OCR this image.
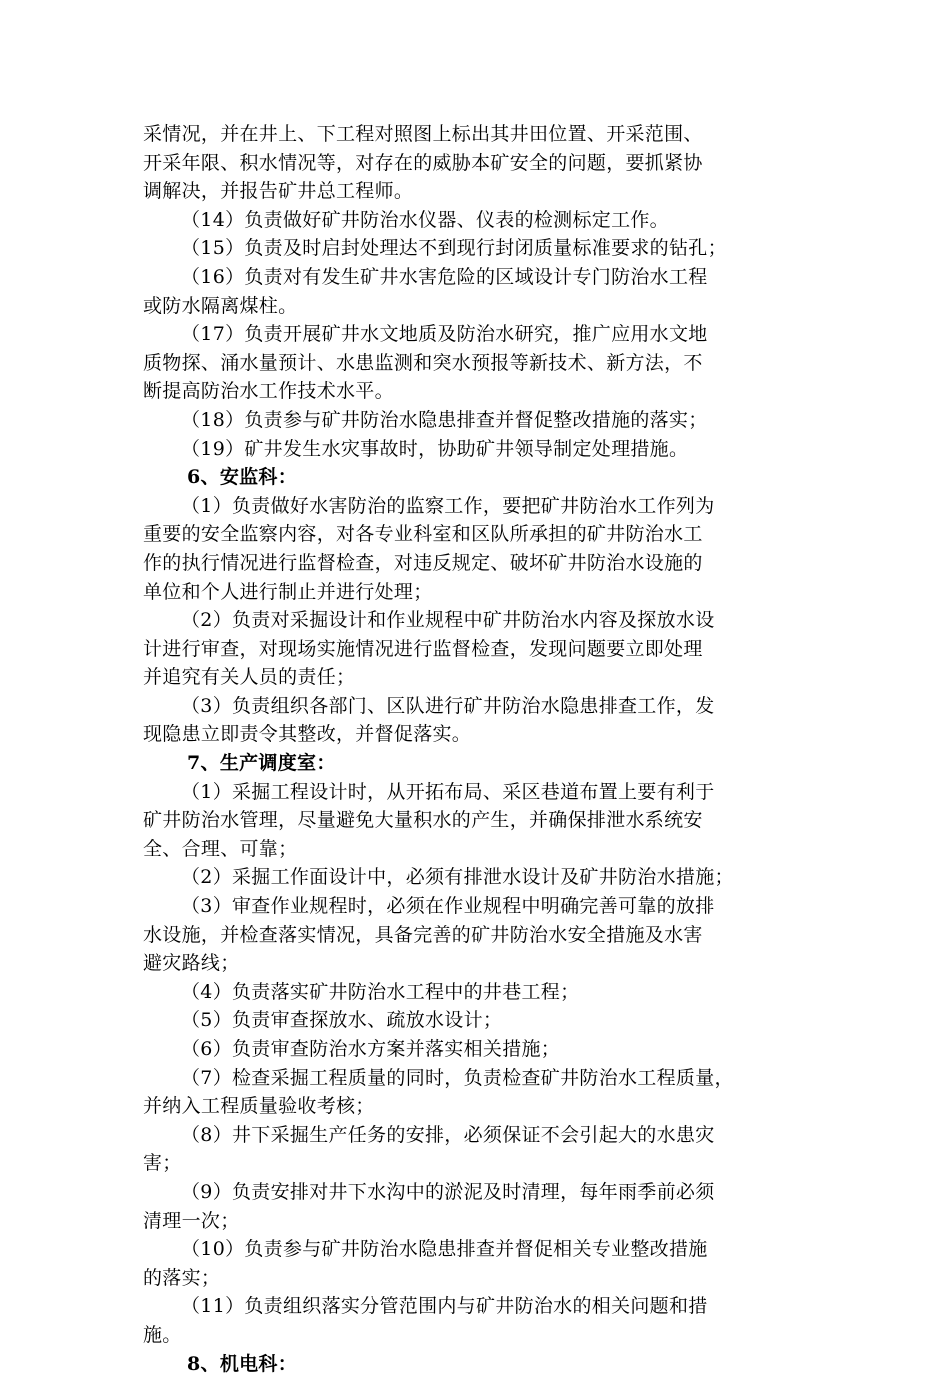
采情况，并在井上、下工程对照图上标出其井田位置、开采范围、
开采年限、积水情况等，对存在的威胁本矿安全的问题，要抓紧协
调解决，并报告矿井总工程师。
（14）负责做好矿井防治水仪器、仪表的检测标定工作。
（15）负责及时启封处理达不到现行封闭质量标准要求的钻孔；
（16）负责对有发生矿井水害危险的区域设计专门防治水工程
或防水隔离煤柱。
（17）负责开展矿井水文地质及防治水研究，推广应用水文地
质物探、涌水量预计、水患监测和突水预报等新技术、新方法，不
断提高防治水工作技术水平。
（18）负责参与矿井防治水隐患排查并督促整改措施的落实；
（19）矿井发生水灾事故时，协助矿井领导制定处理措施。
6、安监科：
（1）负责做好水害防治的监察工作，要把矿井防治水工作列为
重要的安全监察内容，对各专业科室和区队所承担的矿井防治水工
作的执行情况进行监督检查，对违反规定、破坏矿井防治水设施的
单位和个人进行制止并进行处理；
（2）负责对采掘设计和作业规程中矿井防治水内容及探放水设
计进行审查，对现场实施情况进行监督检查，发现问题要立即处理
并追究有关人员的责任；
（3）负责组织各部门、区队进行矿井防治水隐患排查工作，发
现隐患立即责令其整改，并督促落实。
7、生产调度室：
（1）采掘工程设计时，从开拓布局、采区巷道布置上要有利于
矿井防治水管理，尽量避免大量积水的产生，并确保排泄水系统安
全、合理、可靠；
（2）采掘工作面设计中，必须有排泄水设计及矿井防治水措施；
（3）审查作业规程时，必须在作业规程中明确完善可靠的放排
水设施，并检查落实情况，具备完善的矿井防治水安全措施及水害
避灾路线；
（4）负责落实矿井防治水工程中的井巷工程；
（5）负责审查探放水、疏放水设计；
（6）负责审查防治水方案并落实相关措施；
（7）检查采掘工程质量的同时，负责检查矿井防治水工程质量，
并纳入工程质量验收考核；
（8）井下采掘生产任务的安排，必须保证不会引起大的水患灾
害；
（9）负责安排对井下水沟中的淤泥及时清理，每年雨季前必须
清理一次；
（10）负责参与矿井防治水隐患排查并督促相关专业整改措施
的落实；
（11）负责组织落实分管范围内与矿井防治水的相关问题和措
施。
8、机电科：
